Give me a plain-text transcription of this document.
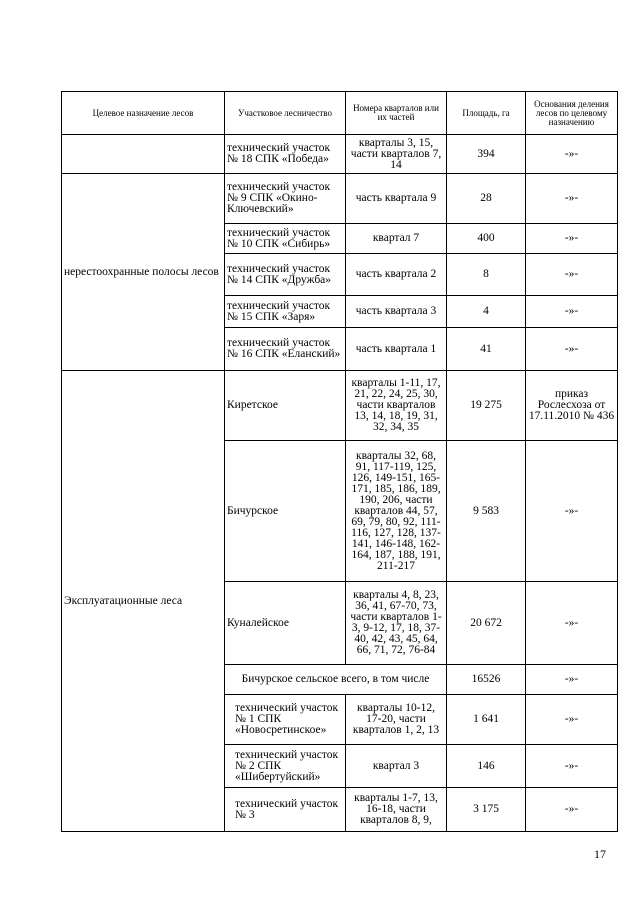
Целевое назначение лесов	Участковое лесничество	Номера кварталов или их частей	Площадь, га	Основания деления лесов по целевому назначению
	технический участок № 18 СПК «Победа»	кварталы 3, 15, части кварталов 7, 14	394	-»-
нерестоохранные полосы лесов	технический участок № 9 СПК «Окино-Ключевский»	часть квартала 9	28	-»-
	технический участок № 10 СПК «Сибирь»	квартал 7	400	-»-
	технический участок № 14 СПК «Дружба»	часть квартала 2	8	-»-
	технический участок № 15 СПК «Заря»	часть квартала 3	4	-»-
	технический участок № 16 СПК «Еланский»	часть квартала 1	41	-»-
Эксплуатационные леса	Киретское	кварталы 1-11, 17, 21, 22, 24, 25, 30, части кварталов 13, 14, 18, 19, 31, 32, 34, 35	19 275	приказ Рослесхоза от 17.11.2010 № 436
	Бичурское	кварталы 32, 68, 91, 117-119, 125, 126, 149-151, 165-171, 185, 186, 189, 190, 206, части кварталов 44, 57, 69, 79, 80, 92, 111-116, 127, 128, 137-141, 146-148, 162-164, 187, 188, 191, 211-217	9 583	-»-
	Куналейское	кварталы 4, 8, 23, 36, 41, 67-70, 73, части кварталов 1-3, 9-12, 17, 18, 37-40, 42, 43, 45, 64, 66, 71, 72, 76-84	20 672	-»-
	Бичурское сельское всего, в том числе		16526	-»-
	технический участок № 1 СПК «Новосретинское»	кварталы 10-12, 17-20, части кварталов 1, 2, 13	1 641	-»-
	технический участок № 2 СПК «Шибертуйский»	квартал 3	146	-»-
	технический участок № 3	кварталы 1-7, 13, 16-18, части кварталов 8, 9,	3 175	-»-
17
